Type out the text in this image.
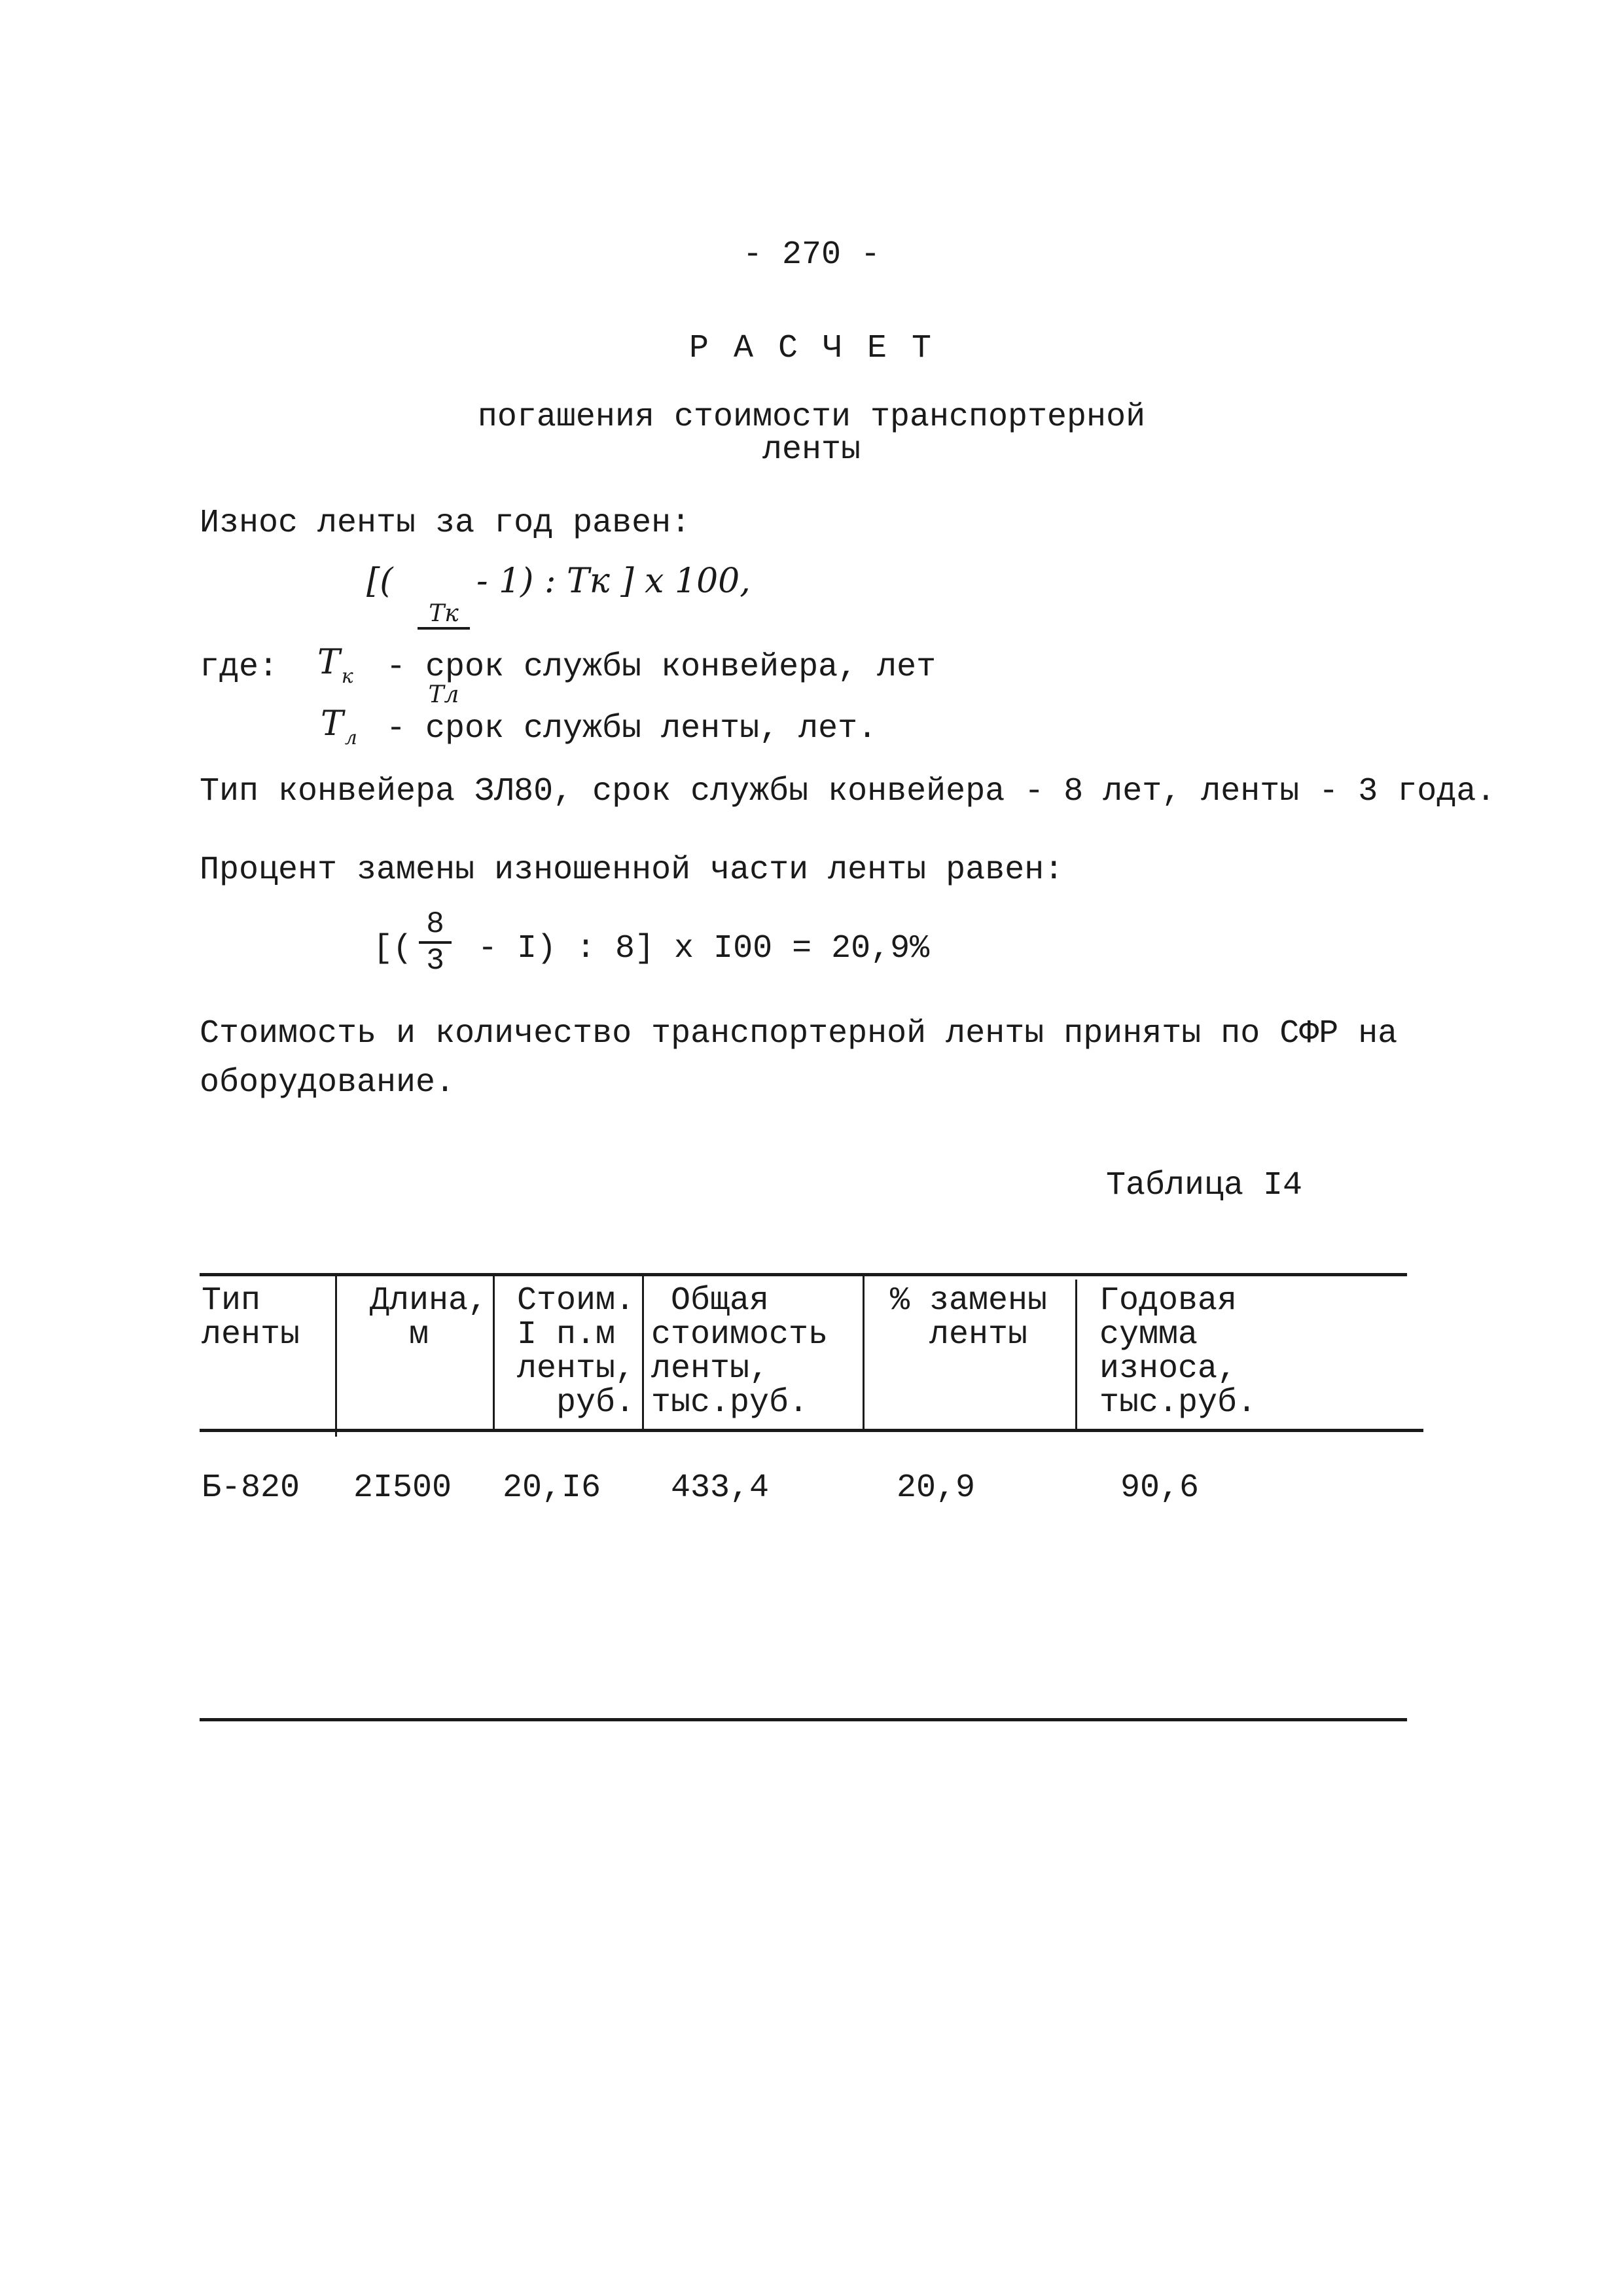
- 270 -
Р А С Ч Е Т
погашения стоимости транспортерной
ленты
Износ ленты за год равен:
[(

Tк

Tл

- 1) : Tк ] x 100,
где: $T_к$ - срок службы конвейера, лет
$T_л$ - срок службы ленты, лет.
Тип конвейера ЗЛ80, срок службы конвейера - 8 лет, ленты - 3 года.
Процент замены изношенной части ленты равен:
[( $\frac{8}{3} - I$) : 8] x I00 = 20,9%
Стоимость и количество транспортерной ленты приняты по СФР на
оборудование.
Таблица I4
Тип
ленты
Длина,
м
Стоим.
I п.м
ленты,
руб.
Общая
стоимость
ленты,
тыс.руб.
% замены
ленты
Годовая
сумма
износа,
тыс.руб.
Б-820 2I500 20,I6 433,4	20,9	90,6
